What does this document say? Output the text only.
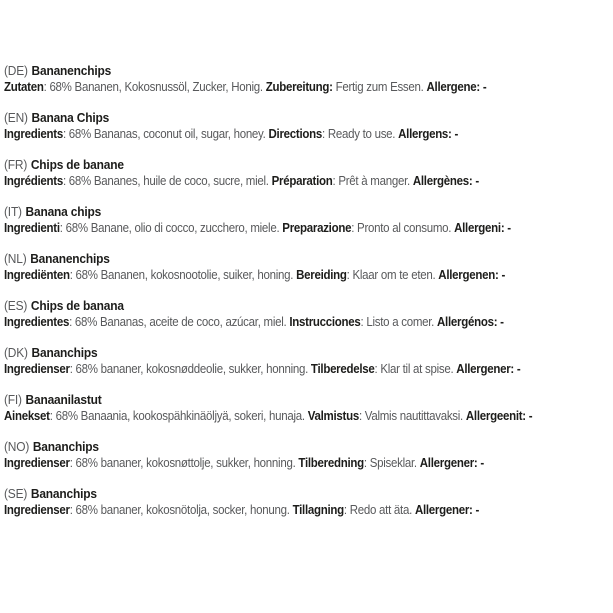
(DE) Bananenchips
Zutaten: 68% Bananen, Kokosnussöl, Zucker, Honig. Zubereitung: Fertig zum Essen. Allergene: -
(EN) Banana Chips
Ingredients: 68% Bananas, coconut oil, sugar, honey. Directions: Ready to use. Allergens: -
(FR) Chips de banane
Ingrédients: 68% Bananes, huile de coco, sucre, miel. Préparation: Prêt à manger. Allergènes: -
(IT) Banana chips
Ingredienti: 68% Banane, olio di cocco, zucchero, miele. Preparazione: Pronto al consumo. Allergeni: -
(NL) Bananenchips
Ingrediënten: 68% Bananen, kokosnootolie, suiker, honing. Bereiding: Klaar om te eten. Allergenen: -
(ES) Chips de banana
Ingredientes: 68% Bananas, aceite de coco, azúcar, miel. Instrucciones: Listo a comer. Allergénos: -
(DK) Bananchips
Ingredienser: 68% bananer, kokosnøddeolie, sukker, honning. Tilberedelse: Klar til at spise. Allergener: -
(FI) Banaanilastut
Ainekset: 68% Banaania, kookospähkinäöljyä, sokeri, hunaja. Valmistus: Valmis nautittavaksi. Allergeenit: -
(NO) Bananchips
Ingredienser: 68% bananer, kokosnøttolje, sukker, honning. Tilberedning: Spiseklar. Allergener: -
(SE) Bananchips
Ingredienser: 68% bananer, kokosnötolja, socker, honung. Tillagning: Redo att äta. Allergener: -
